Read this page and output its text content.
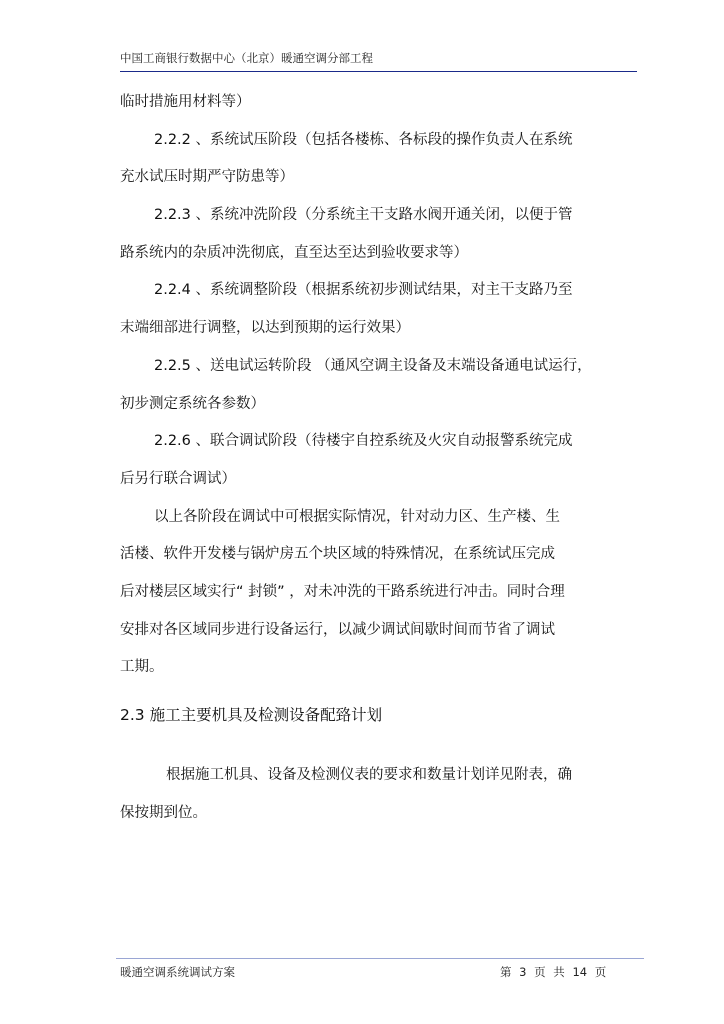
中国工商银行数据中心（北京）暖通空调分部工程
临时措施用材料等）
2.2.2 、系统试压阶段（包括各楼栋、各标段的操作负责人在系统
充水试压时期严守防患等）
2.2.3 、系统冲洗阶段（分系统主干支路水阀开通关闭，以便于管
路系统内的杂质冲洗彻底，直至达至达到验收要求等）
2.2.4 、系统调整阶段（根据系统初步测试结果，对主干支路乃至
末端细部进行调整，以达到预期的运行效果）
2.2.5 、送电试运转阶段 （通风空调主设备及末端设备通电试运行，
初步测定系统各参数）
2.2.6 、联合调试阶段（待楼宇自控系统及火灾自动报警系统完成
后另行联合调试）
以上各阶段在调试中可根据实际情况，针对动力区、生产楼、生
活楼、软件开发楼与锅炉房五个块区域的特殊情况，在系统试压完成
后对楼层区域实行“ 封锁” ，对未冲洗的干路系统进行冲击。同时合理
安排对各区域同步进行设备运行，以减少调试间歇时间而节省了调试
工期。
2.3 施工主要机具及检测设备配臵计划
根据施工机具、设备及检测仪表的要求和数量计划详见附表，确
保按期到位。
暖通空调系统调试方案	第 3 页 共 14 页
